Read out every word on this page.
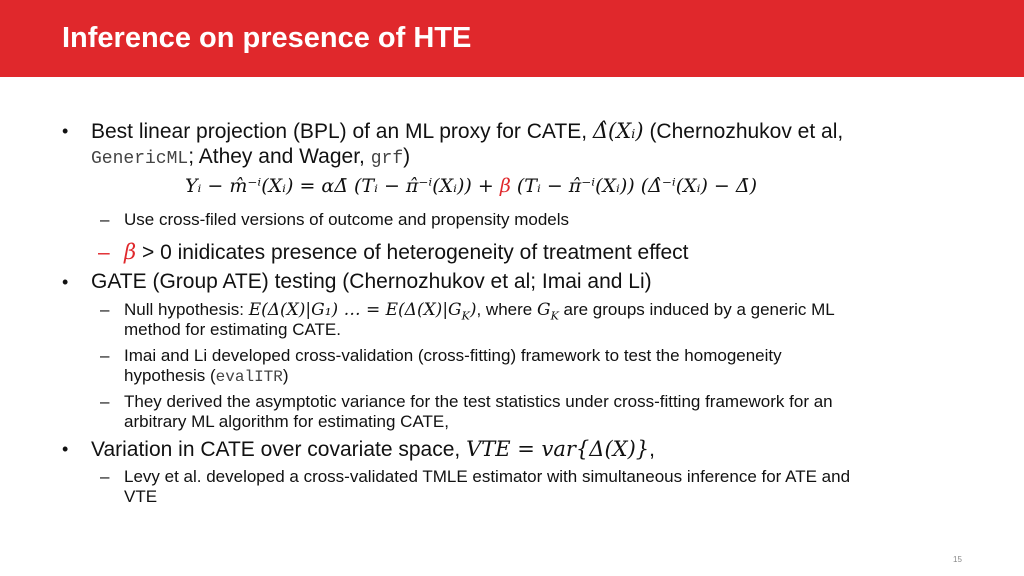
Inference on presence of HTE
• Best linear projection (BPL) of an ML proxy for CATE, Δ̂(Xᵢ) (Chernozhukov et al,
GenericML; Athey and Wager, grf)
Yᵢ − m̂⁻ⁱ(Xᵢ) = αΔ̄ (Tᵢ − π̂⁻ⁱ(Xᵢ)) + β (Tᵢ − π̂⁻ⁱ(Xᵢ)) (Δ̂⁻ⁱ(Xᵢ) − Δ̄)
– Use cross-filed versions of outcome and propensity models
– β > 0 inidicates presence of heterogeneity of treatment effect
• GATE (Group ATE) testing (Chernozhukov et al; Imai and Li)
– Null hypothesis: E(Δ(X)|G₁) … = $E(\Delta(X)|G_K)$, where $G_K$ are groups induced by a generic ML
method for estimating CATE.
– Imai and Li developed cross-validation (cross-fitting) framework to test the homogeneity
hypothesis (evalITR)
– They derived the asymptotic variance for the test statistics under cross-fitting framework for an
arbitrary ML algorithm for estimating CATE,
• Variation in CATE over covariate space, VTE = var{Δ(X)},
– Levy et al. developed a cross-validated TMLE estimator with simultaneous inference for ATE and
VTE
15
